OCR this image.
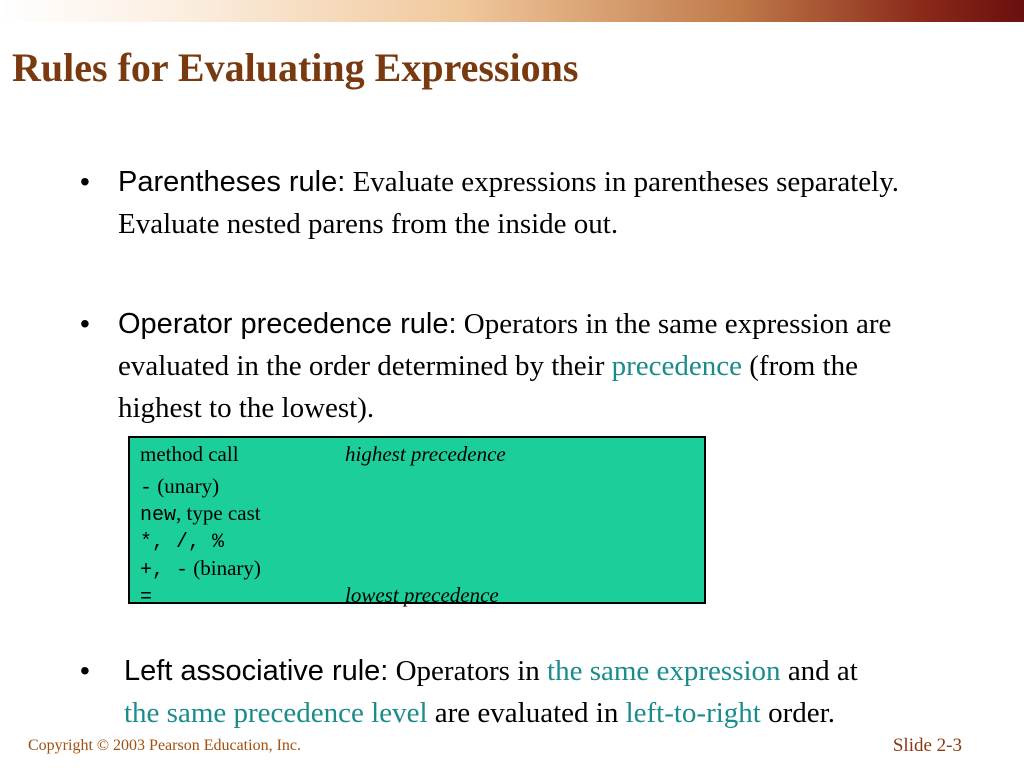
Rules for Evaluating Expressions
• Parentheses rule: Evaluate expressions in parentheses separately. Evaluate nested parens from the inside out.
• Operator precedence rule: Operators in the same expression are evaluated in the order determined by their precedence (from the highest to the lowest).
method call	highest precedence
- (unary)
new, type cast
*, /, %
+, - (binary)
=	lowest precedence
• Left associative rule: Operators in the same expression and at the same precedence level are evaluated in left-to-right order.
Copyright © 2003 Pearson Education, Inc.	Slide 2-3
